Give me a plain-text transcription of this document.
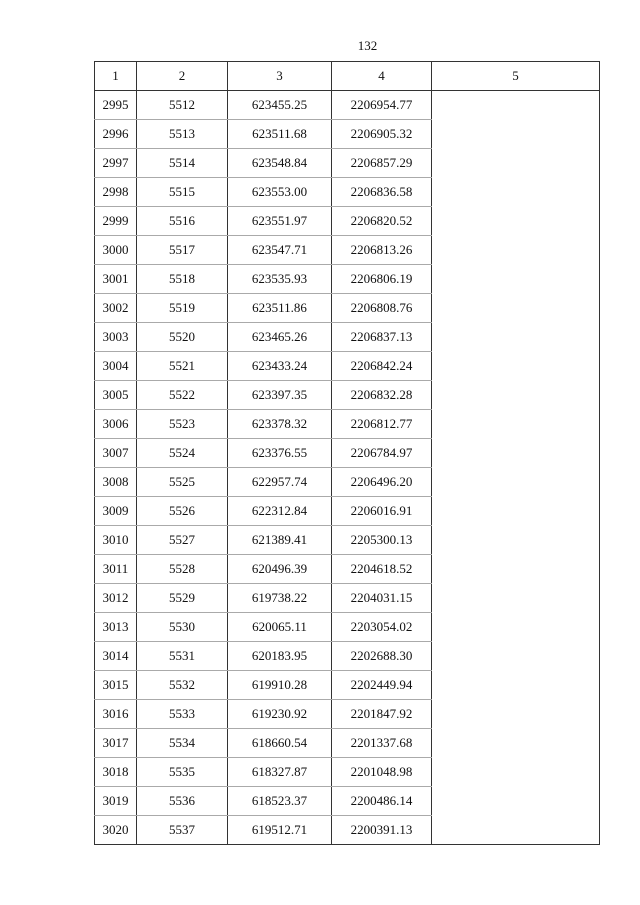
132
1	2	3	4	5
2995	5512	623455.25	2206954.77	
2996	5513	623511.68	2206905.32	
2997	5514	623548.84	2206857.29	
2998	5515	623553.00	2206836.58	
2999	5516	623551.97	2206820.52	
3000	5517	623547.71	2206813.26	
3001	5518	623535.93	2206806.19	
3002	5519	623511.86	2206808.76	
3003	5520	623465.26	2206837.13	
3004	5521	623433.24	2206842.24	
3005	5522	623397.35	2206832.28	
3006	5523	623378.32	2206812.77	
3007	5524	623376.55	2206784.97	
3008	5525	622957.74	2206496.20	
3009	5526	622312.84	2206016.91	
3010	5527	621389.41	2205300.13	
3011	5528	620496.39	2204618.52	
3012	5529	619738.22	2204031.15	
3013	5530	620065.11	2203054.02	
3014	5531	620183.95	2202688.30	
3015	5532	619910.28	2202449.94	
3016	5533	619230.92	2201847.92	
3017	5534	618660.54	2201337.68	
3018	5535	618327.87	2201048.98	
3019	5536	618523.37	2200486.14	
3020	5537	619512.71	2200391.13	
